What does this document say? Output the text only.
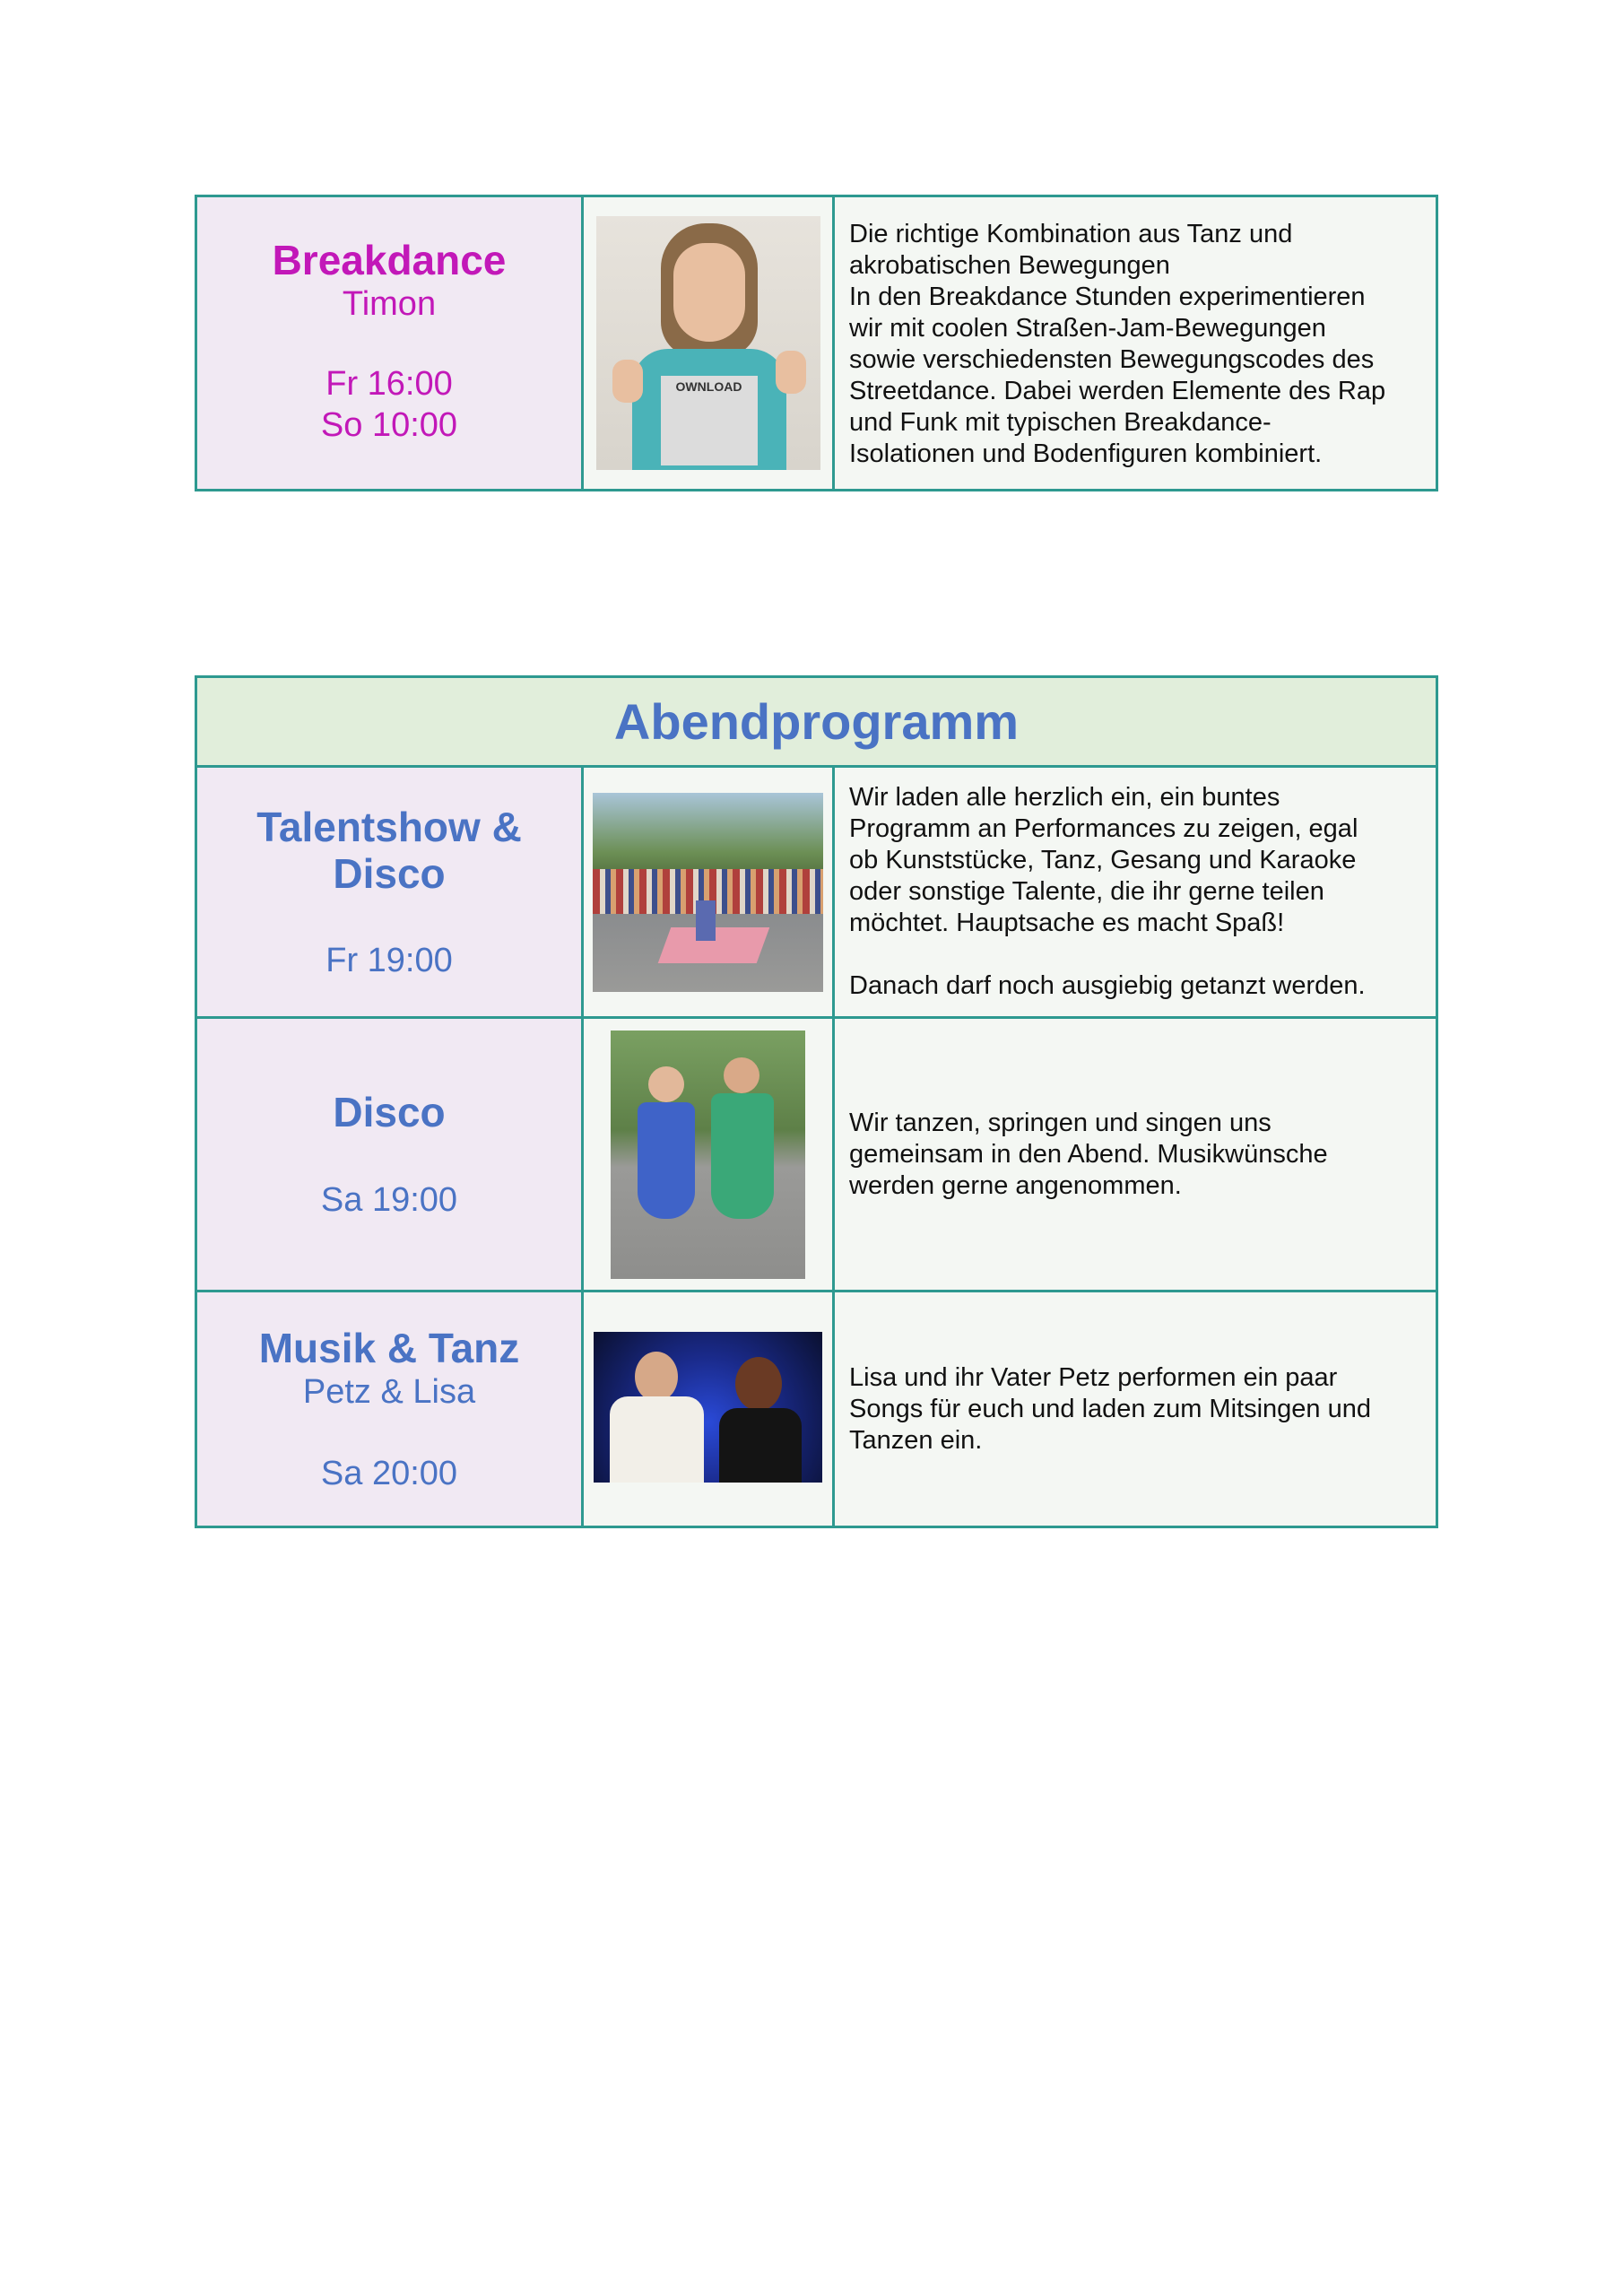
Breakdance
Timon
Fr 16:00
So 10:00
OWNLOAD
Die richtige Kombination aus Tanz und
akrobatischen Bewegungen
In den Breakdance Stunden experimentieren
wir mit coolen Straßen-Jam-Bewegungen
sowie verschiedensten Bewegungscodes des
Streetdance. Dabei werden Elemente des Rap
und Funk mit typischen Breakdance-
Isolationen und Bodenfiguren kombiniert.
Abendprogramm
Talentshow &
Disco
Fr 19:00
Wir laden alle herzlich ein, ein buntes
Programm an Performances zu zeigen, egal
ob Kunststücke, Tanz, Gesang und Karaoke
oder sonstige Talente, die ihr gerne teilen
möchtet. Hauptsache es macht Spaß!

Danach darf noch ausgiebig getanzt werden.
Disco
Sa 19:00
Wir tanzen, springen und singen uns
gemeinsam in den Abend. Musikwünsche
werden gerne angenommen.
Musik & Tanz
Petz & Lisa
Sa 20:00
Lisa und ihr Vater Petz performen ein paar
Songs für euch und laden zum Mitsingen und
Tanzen ein.
